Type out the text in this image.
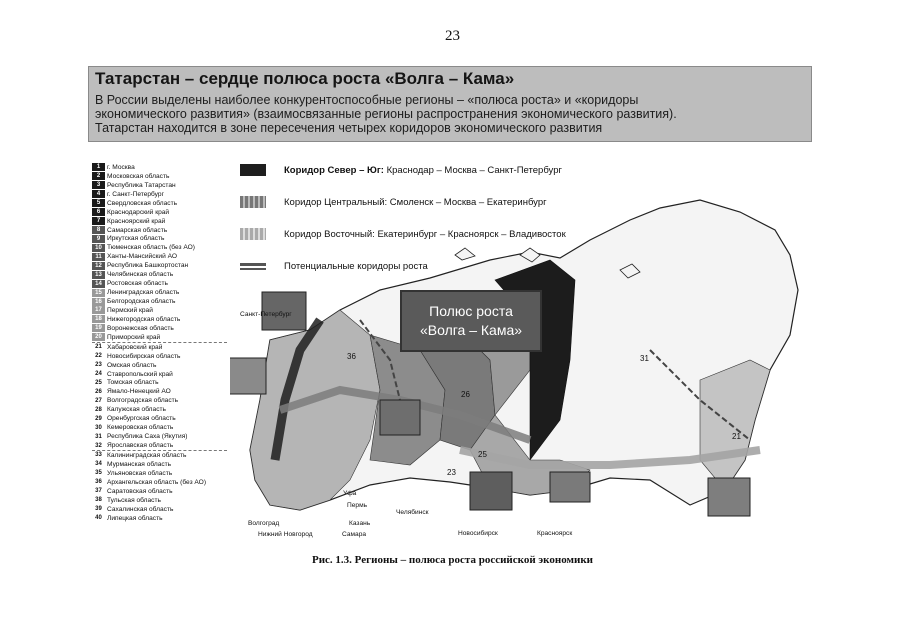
23
Татарстан – сердце полюса роста «Волга – Кама»
В России выделены наиболее конкурентоспособные регионы – «полюса роста» и «коридоры
экономического развития» (взаимосвязанные регионы распространения экономического развития).
Татарстан находится в зоне пересечения четырех коридоров экономического развития
1	г. Москва
2	Московская область
3	Республика Татарстан
4	г. Санкт-Петербург
5	Свердловская область
6	Краснодарский край
7	Красноярский край
8	Самарская область
9	Иркутская область
10 Тюменская область (без АО)
11 Ханты-Мансийский АО
12 Республика Башкортостан
13 Челябинская область
14 Ростовская область
15 Ленинградская область
16 Белгородская область
17 Пермский край
18 Нижегородская область
19 Воронежская область
20 Приморский край
21 Хабаровский край
22 Новосибирская область
23 Омская область
24 Ставропольский край
25 Томская область
26 Ямало-Ненецкий АО
27 Волгоградская область
28 Калужская область
29 Оренбургская область
30 Кемеровская область
31 Республика Саха (Якутия)
32 Ярославская область
33 Калининградская область
34 Мурманская область
35 Ульяновская область
36 Архангельская область (без АО)
37 Саратовская область
38 Тульская область
39 Сахалинская область
40 Липецкая область
Коридор Север – Юг: Краснодар – Москва – Санкт-Петербург
Коридор Центральный: Смоленск – Москва – Екатеринбург
Коридор Восточный: Екатеринбург – Красноярск – Владивосток
Потенциальные коридоры роста
Полюс роста
«Волга – Кама»
36
26
31
21
25
23
Санкт-Петербург
Уфа
Пермь
Челябинск
Казань
Волгоград
Нижний Новгород	Самара	Новосибирск	Красноярск
Рис. 1.3. Регионы – полюса роста российской экономики
